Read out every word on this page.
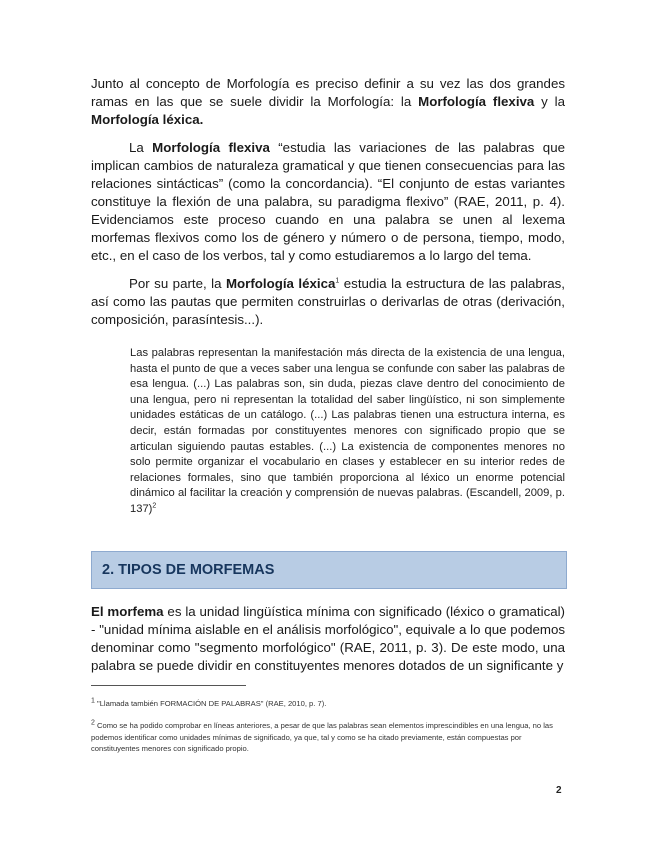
Junto al concepto de Morfología es preciso definir a su vez las dos grandes ramas en las que se suele dividir la Morfología: la Morfología flexiva y la Morfología léxica.

La Morfología flexiva “estudia las variaciones de las palabras que implican cambios de naturaleza gramatical y que tienen consecuencias para las relaciones sintácticas” (como la concordancia). “El conjunto de estas variantes constituye la flexión de una palabra, su paradigma flexivo” (RAE, 2011, p. 4). Evidenciamos este proceso cuando en una palabra se unen al lexema morfemas flexivos como los de género y número o de persona, tiempo, modo, etc., en el caso de los verbos, tal y como estudiaremos a lo largo del tema.

Por su parte, la Morfología léxica$^1$ estudia la estructura de las palabras, así como las pautas que permiten construirlas o derivarlas de otras (derivación, composición, parasíntesis...).

Las palabras representan la manifestación más directa de la existencia de una lengua, hasta el punto de que a veces saber una lengua se confunde con saber las palabras de esa lengua. (...) Las palabras son, sin duda, piezas clave dentro del conocimiento de una lengua, pero ni representan la totalidad del saber lingüístico, ni son simplemente unidades estáticas de un catálogo. (...) Las palabras tienen una estructura interna, es decir, están formadas por constituyentes menores con significado propio que se articulan siguiendo pautas estables. (...) La existencia de componentes menores no solo permite organizar el vocabulario en clases y establecer en su interior redes de relaciones formales, sino que también proporciona al léxico un enorme potencial dinámico al facilitar la creación y comprensión de nuevas palabras. (Escandell, 2009, p. 137)$^2$

2. TIPOS DE MORFEMAS

El morfema es la unidad lingüística mínima con significado (léxico o gramatical) - "unidad mínima aislable en el análisis morfológico", equivale a lo que podemos denominar como "segmento morfológico" (RAE, 2011, p. 3). De este modo, una palabra se puede dividir en constituyentes menores dotados de un significante y

$^1$ "Llamada también FORMACIÓN DE PALABRAS" (RAE, 2010, p. 7).

$^2$ Como se ha podido comprobar en líneas anteriores, a pesar de que las palabras sean elementos imprescindibles en una lengua, no las podemos identificar como unidades mínimas de significado, ya que, tal y como se ha citado previamente, están compuestas por constituyentes menores con significado propio.

2
